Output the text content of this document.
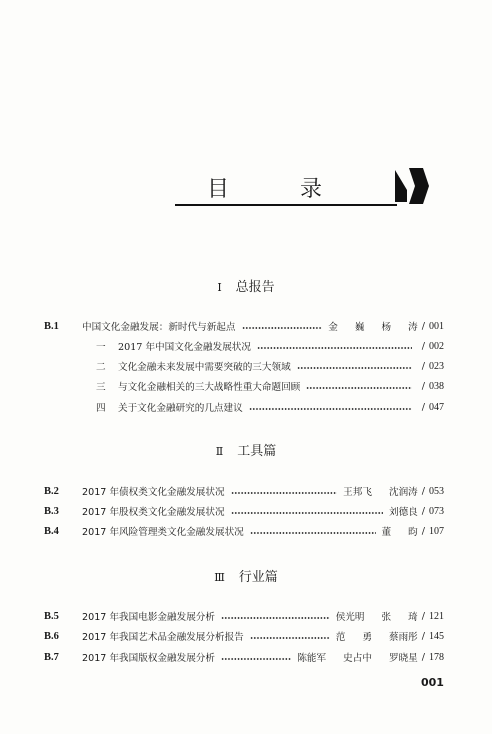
目 录
Ⅰ 总报告
B.1	中国文化金融发展：新时代与新起点	金 巍 杨 涛 / 001
一	2017 年中国文化金融发展状况	/ 002
二	文化金融未来发展中需要突破的三大领域	/ 023
三	与文化金融相关的三大战略性重大命题回顾	/ 038
四	关于文化金融研究的几点建议	/ 047
Ⅱ 工具篇
B.2	2017 年债权类文化金融发展状况	王邦飞 沈润涛 / 053
B.3	2017 年股权类文化金融发展状况	刘德良 / 073
B.4	2017 年风险管理类文化金融发展状况	董 昀 / 107
Ⅲ 行业篇
B.5	2017 年我国电影金融发展分析	侯光明 张 琦 / 121
B.6	2017 年我国艺术品金融发展分析报告	范 勇 蔡雨彤 / 145
B.7	2017 年我国版权金融发展分析	陈能军 史占中 罗晓星 / 178
001
